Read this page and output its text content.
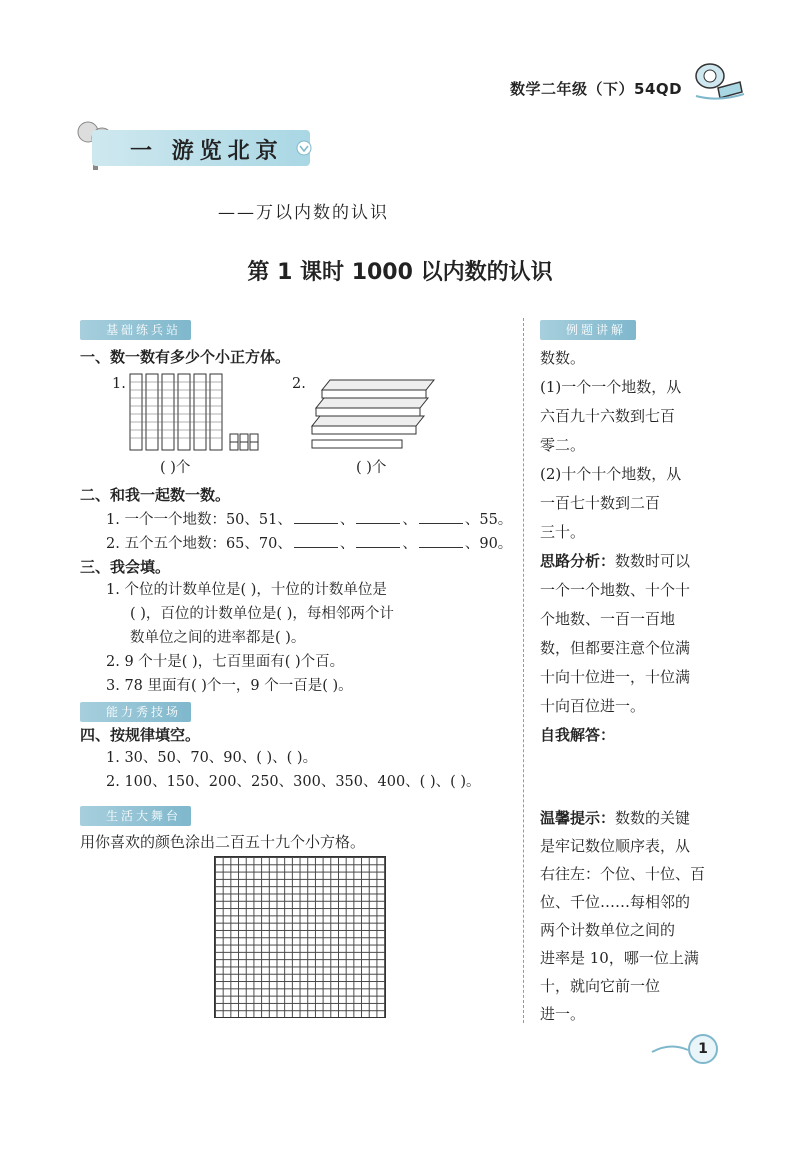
数学二年级（下）54QD
一 游览北京
——万以内数的认识
第 1 课时 1000 以内数的认识
基础练兵站
一、数一数有多少个小正方体。
1.
( )个
2.
( )个
二、和我一起数一数。
1. 一个一个地数：50、51、	、	、	、55。
2. 五个五个地数：65、70、	、	、	、90。
三、我会填。
1. 个位的计数单位是( )，十位的计数单位是
( )，百位的计数单位是( )，每相邻两个计
数单位之间的进率都是( )。
2. 9 个十是( )，七百里面有( )个百。
3. 78 里面有( )个一，9 个一百是( )。
能力秀技场
四、按规律填空。
1. 30、50、70、90、( )、( )。
2. 100、150、200、250、300、350、400、( )、( )。
生活大舞台
用你喜欢的颜色涂出二百五十九个小方格。
例题讲解
数数。
(1)一个一个地数，从
六百九十六数到七百
零二。
(2)十个十个地数，从
一百七十数到二百
三十。
思路分析：数数时可以
一个一个地数、十个十
个地数、一百一百地
数，但都要注意个位满
十向十位进一，十位满
十向百位进一。
自我解答：
温馨提示：数数的关键
是牢记数位顺序表，从
右往左：个位、十位、百
位、千位……每相邻的
两个计数单位之间的
进率是 10，哪一位上满
十，就向它前一位
进一。
1
